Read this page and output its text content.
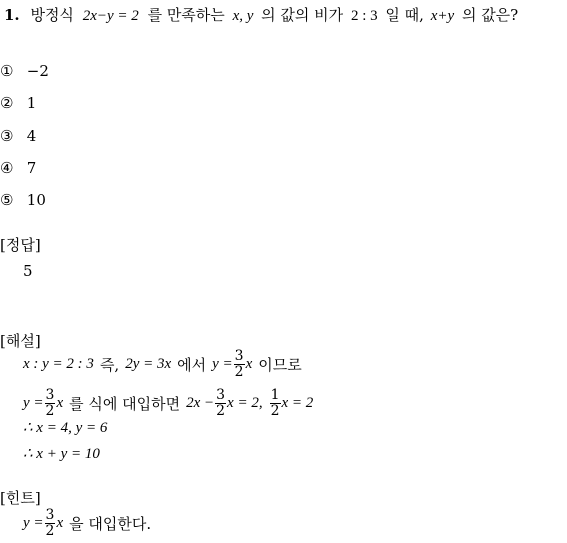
1. 방정식 2x−y = 2 를 만족하는 x, y 의 값의 비가 2 : 3 일 때, x+y 의 값은?
① −2
② 1
③ 4
④ 7
⑤ 10
[정답]
5
[해설]
x : y = 2 : 3 즉, 2y = 3x 에서 $y = \frac{3}{2}$ x 이므로
$y = \frac{3}{2}$ x 를 식에 대입하면 $2x - \frac{3}{2}$ x = 2, $\frac{1}{2}$ x = 2
∴ x = 4, y = 6
∴ x + y = 10
[힌트]
$y = \frac{3}{2}$ x 을 대입한다.
